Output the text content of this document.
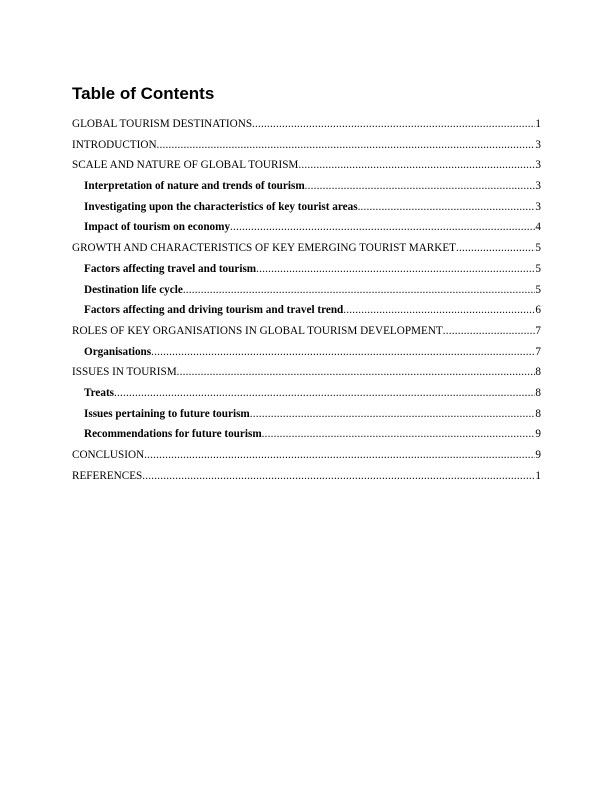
Table of Contents
GLOBAL TOURISM DESTINATIONS .....	1
INTRODUCTION .....	3
SCALE AND NATURE OF GLOBAL TOURISM .....	3
Interpretation of nature and trends of tourism .....	3
Investigating upon the characteristics of key tourist areas .....	3
Impact of tourism on economy .....	4
GROWTH AND CHARACTERISTICS OF KEY EMERGING TOURIST MARKET .....	5
Factors affecting travel and tourism .....	5
Destination life cycle .....	5
Factors affecting and driving tourism and travel trend .....	6
ROLES OF KEY ORGANISATIONS IN GLOBAL TOURISM DEVELOPMENT .....	7
Organisations .....	7
ISSUES IN TOURISM .....	8
Treats .....	8
Issues pertaining to future tourism .....	8
Recommendations for future tourism .....	9
CONCLUSION .....	9
REFERENCES .....	1
